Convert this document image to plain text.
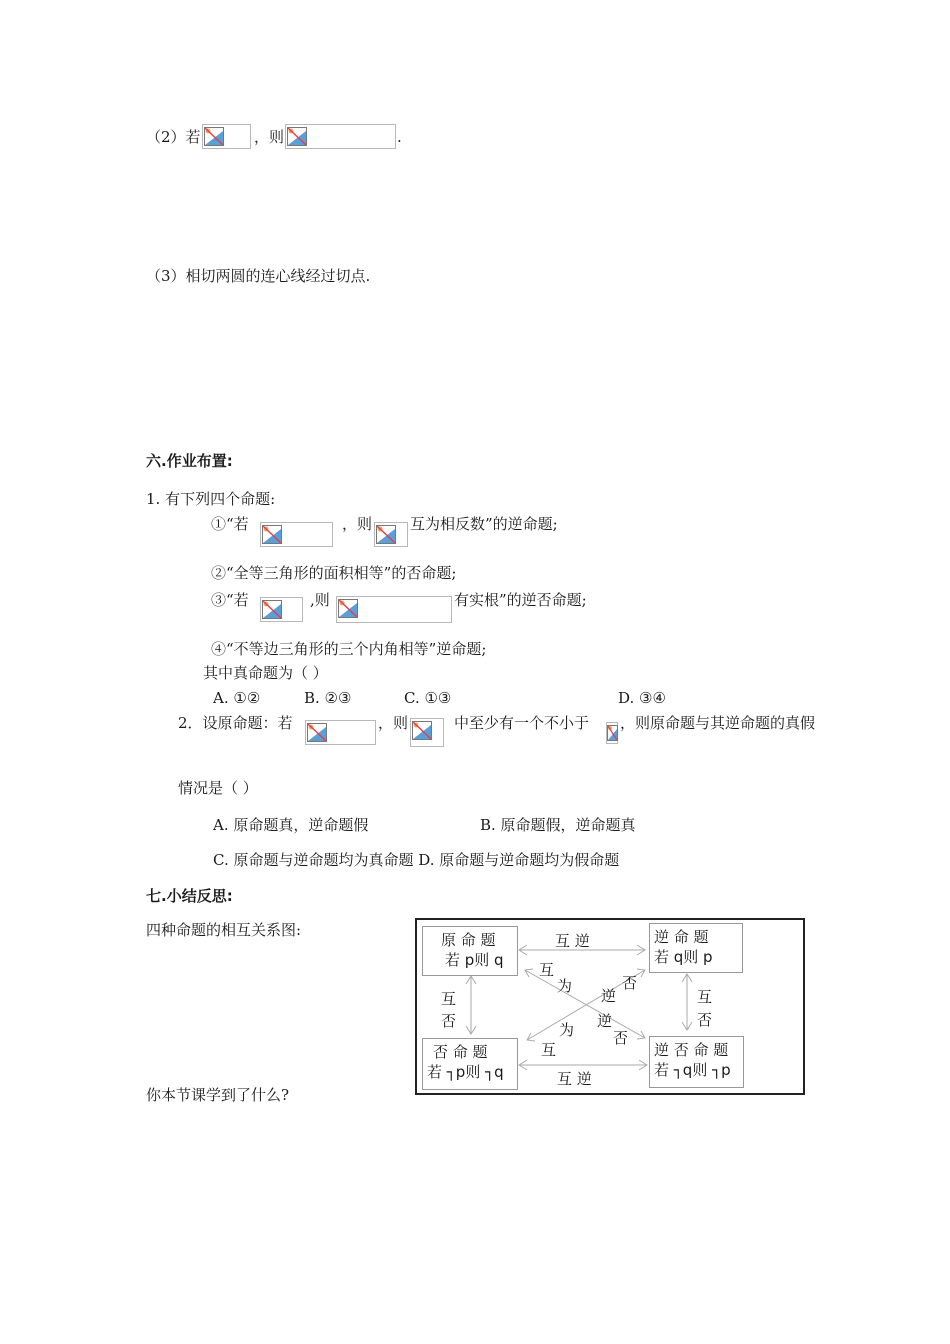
（2）若	，则	.
（3）相切两圆的连心线经过切点.
六.作业布置:
1. 有下列四个命题:
①“若	，则	互为相反数”的逆命题;
②“全等三角形的面积相等”的否命题;
③“若	,则	有实根”的逆否命题;
④“不等边三角形的三个内角相等”逆命题;
其中真命题为（ ）
A. ①②	B. ②③	C. ①③	D. ③④
2．设原命题：若	，则	中至少有一个不小于 ，则原命题与其逆命题的真假
情况是（ ）
A. 原命题真，逆命题假	B. 原命题假，逆命题真
C. 原命题与逆命题均为真命题 D. 原命题与逆命题均为假命题
七.小结反思:
四种命题的相互关系图:
你本节课学到了什么?
原 命 题
若 p则 q
逆 命 题
若 q则 p
否 命 题
若 ┐p则 ┐q
逆 否 命 题
若 ┐q则 ┐p
互 逆
互 逆
互
否
互
否
互
为
逆
否
为
互
逆
否
